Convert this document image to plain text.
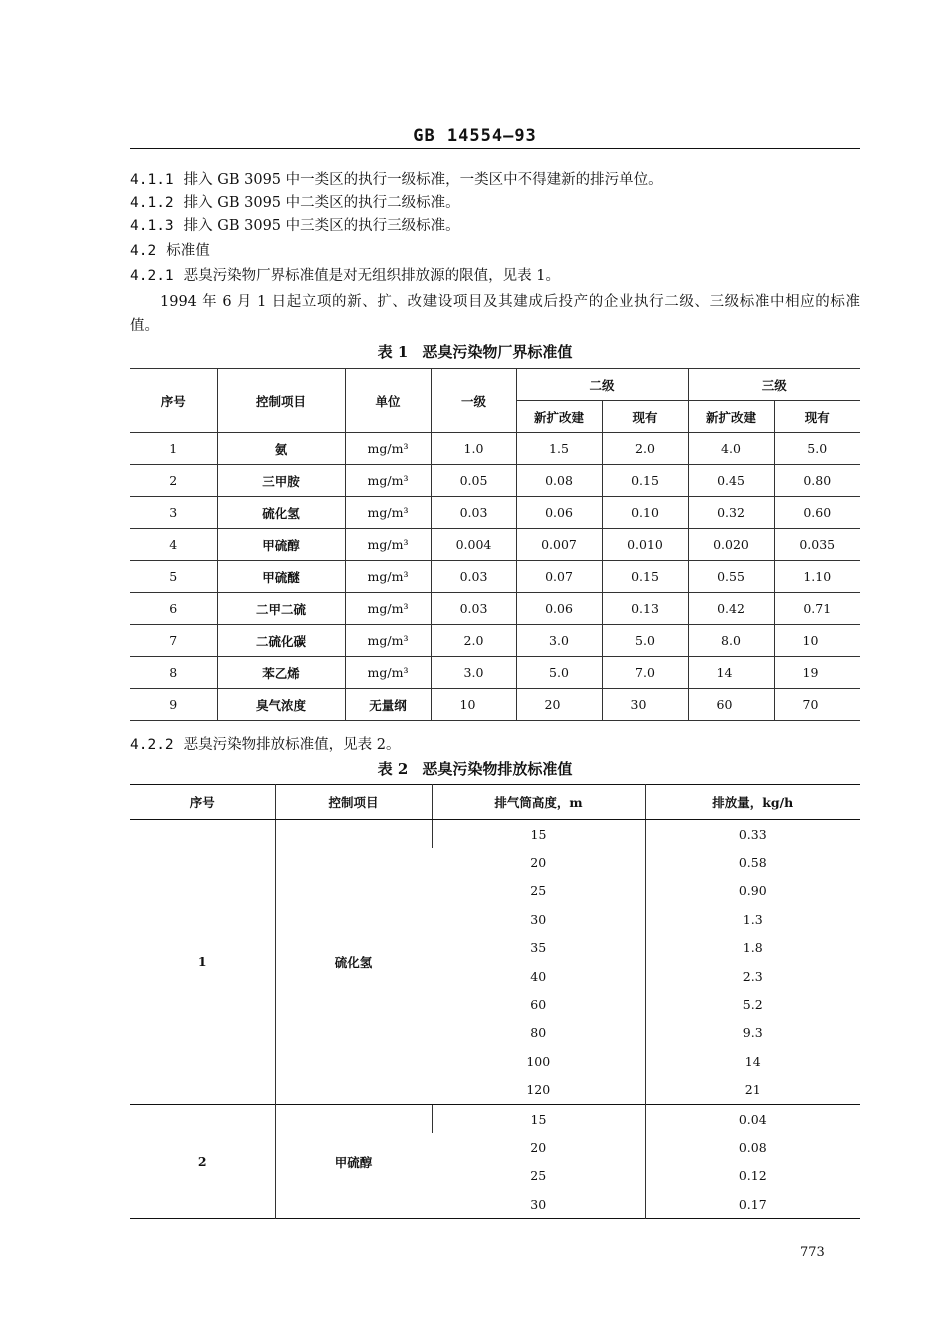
GB 14554—93
4.1.1 排入 GB 3095 中一类区的执行一级标准，一类区中不得建新的排污单位。
4.1.2 排入 GB 3095 中二类区的执行二级标准。
4.1.3 排入 GB 3095 中三类区的执行三级标准。
4.2 标准值
4.2.1 恶臭污染物厂界标准值是对无组织排放源的限值，见表 1。
1994 年 6 月 1 日起立项的新、扩、改建设项目及其建成后投产的企业执行二级、三级标准中相应的标准值。
表 1 恶臭污染物厂界标准值
序号	控制项目	单位	一级	二级		三级	
				新扩改建	现有	新扩改建	现有
1	氨	mg/m³	1.0	1.5	2.0	4.0	5.0
2	三甲胺	mg/m³	0.05	0.08	0.15	0.45	0.80
3	硫化氢	mg/m³	0.03	0.06	0.10	0.32	0.60
4	甲硫醇	mg/m³	0.004	0.007	0.010	0.020	0.035
5	甲硫醚	mg/m³	0.03	0.07	0.15	0.55	1.10
6	二甲二硫	mg/m³	0.03	0.06	0.13	0.42	0.71
7	二硫化碳	mg/m³	2.0	3.0	5.0	8.0	10
8	苯乙烯	mg/m³	3.0	5.0	7.0	14	19
9	臭气浓度	无量纲	10	20	30	60	70
4.2.2 恶臭污染物排放标准值，见表 2。
表 2 恶臭污染物排放标准值
序号	控制项目	排气筒高度，m	排放量，kg/h
1	硫化氢	15	0.33
		20	0.58
		25	0.90
		30	1.3
		35	1.8
		40	2.3
		60	5.2
		80	9.3
		100	14
		120	21
2	甲硫醇	15	0.04
		20	0.08
		25	0.12
		30	0.17
773
